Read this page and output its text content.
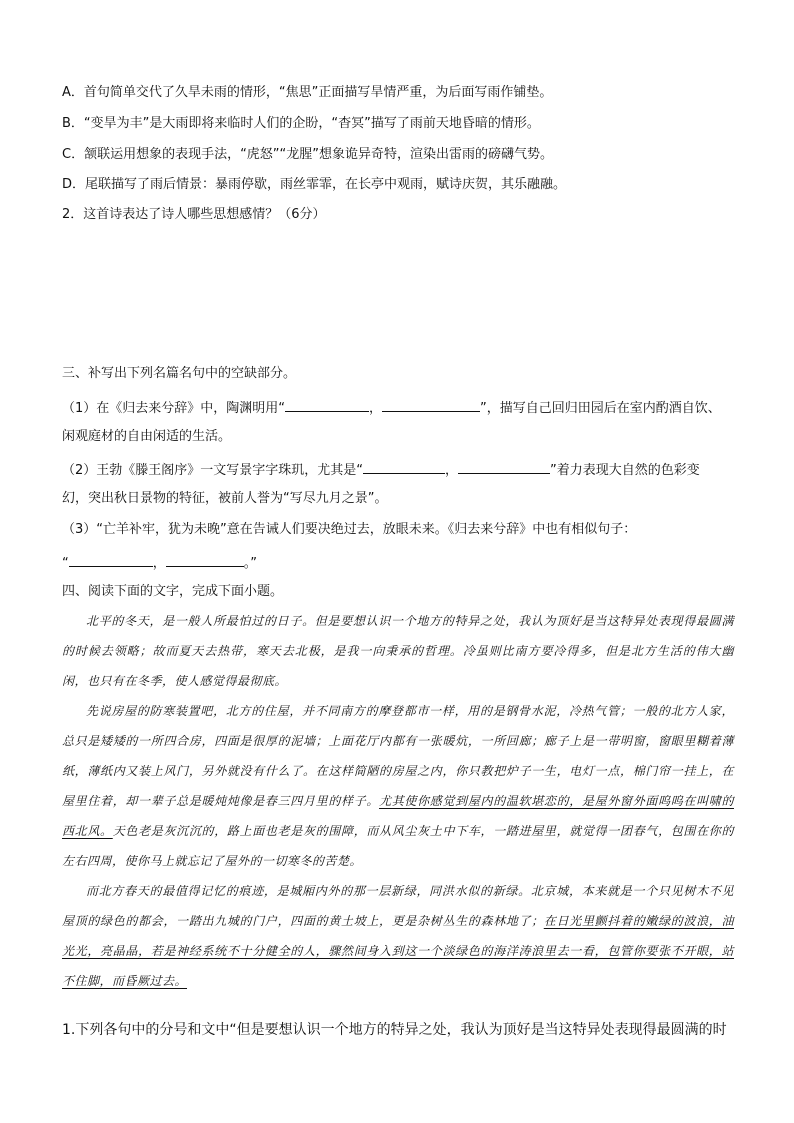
A．首句简单交代了久旱未雨的情形，“焦思”正面描写旱情严重，为后面写雨作铺垫。
B．“变旱为丰”是大雨即将来临时人们的企盼，“杳冥”描写了雨前天地昏暗的情形。
C．颔联运用想象的表现手法，“虎怒”“龙腥”想象诡异奇特，渲染出雷雨的磅礴气势。
D．尾联描写了雨后情景：暴雨停歇，雨丝霏霏，在长亭中观雨，赋诗庆贺，其乐融融。
2．这首诗表达了诗人哪些思想感情？（6分）
三、补写出下列名篇名句中的空缺部分。
（1）在《归去来兮辞》中，陶渊明用“	，	”，描写自己回归田园后在室内酌酒自饮、
闲观庭材的自由闲适的生活。
（2）王勃《滕王阁序》一文写景字字珠玑，尤其是“	，	”着力表现大自然的色彩变
幻，突出秋日景物的特征，被前人誉为“写尽九月之景”。
（3）“亡羊补牢，犹为未晚”意在告诫人们要决绝过去，放眼未来。《归去来兮辞》中也有相似句子：
“	，	。”
四、阅读下面的文字，完成下面小题。

北平的冬天，是一般人所最怕过的日子。但是要想认识一个地方的特异之处，我认为顶好是当这特异处表现得最圆满的时候去领略；故而夏天去热带，寒天去北极，是我一向秉承的哲理。冷虽则比南方要冷得多，但是北方生活的伟大幽闲，也只有在冬季，使人感觉得最彻底。

先说房屋的防寒装置吧，北方的住屋，并不同南方的摩登都市一样，用的是钢骨水泥，冷热气管；一般的北方人家，总只是矮矮的一所四合房，四面是很厚的泥墙；上面花厅内都有一张暖炕，一所回廊；廊子上是一带明窗，窗眼里糊着薄纸，薄纸内又装上风门，另外就没有什么了。在这样简陋的房屋之内，你只教把炉子一生，电灯一点，棉门帘一挂上，在屋里住着，却一辈子总是暖炖炖像是春三四月里的样子。尤其使你感觉到屋内的温软堪恋的，是屋外窗外面呜呜在叫啸的西北风。天色老是灰沉沉的，路上面也老是灰的围障，而从风尘灰土中下车，一踏进屋里，就觉得一团春气，包围在你的左右四周，使你马上就忘记了屋外的一切寒冬的苦楚。

而北方春天的最值得记忆的痕迹，是城厢内外的那一层新绿，同洪水似的新绿。北京城，本来就是一个只见树木不见屋顶的绿色的都会，一踏出九城的门户，四面的黄土坡上，更是杂树丛生的森林地了；在日光里颤抖着的嫩绿的波浪，油光光，亮晶晶，若是神经系统不十分健全的人，骤然间身入到这一个淡绿色的海洋涛浪里去一看，包管你要张不开眼，站不住脚，而昏厥过去。

1.下列各句中的分号和文中“但是要想认识一个地方的特异之处，我认为顶好是当这特异处表现得最圆满的时
